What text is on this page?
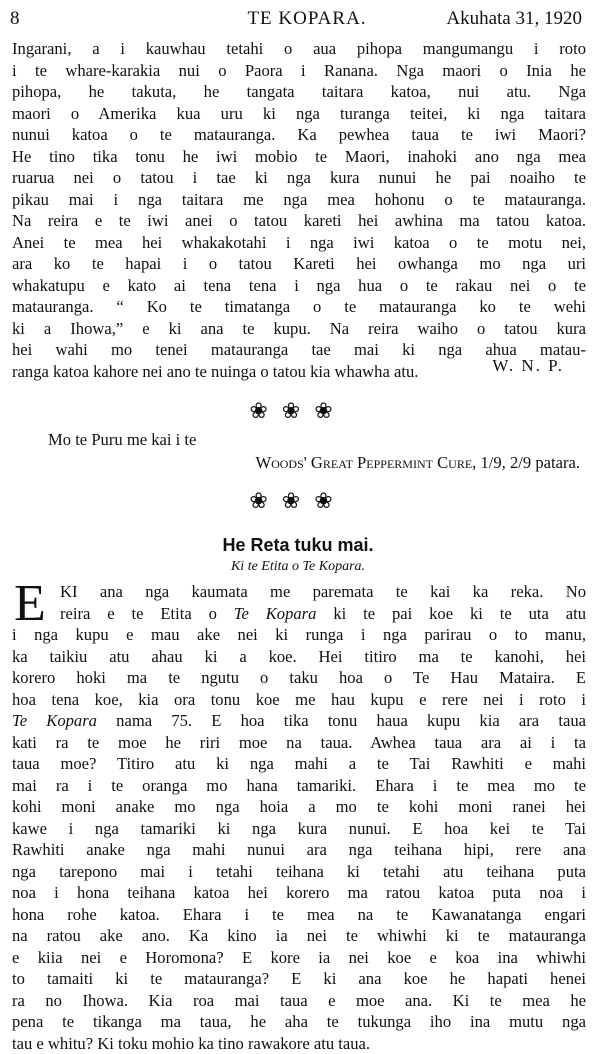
8	TE KOPARA.	Akuhata 31, 1920
Ingarani, a i kauwhau tetahi o aua pihopa mangumangu i roto
i te whare-karakia nui o Paora i Ranana. Nga maori o Inia he
pihopa, he takuta, he tangata taitara katoa, nui atu. Nga
maori o Amerika kua uru ki nga turanga teitei, ki nga taitara
nunui katoa o te matauranga. Ka pewhea taua te iwi Maori?
He tino tika tonu he iwi mobio te Maori, inahoki ano nga mea
ruarua nei o tatou i tae ki nga kura nunui he pai noaiho te
pikau mai i nga taitara me nga mea hohonu o te matauranga.
Na reira e te iwi anei o tatou kareti hei awhina ma tatou katoa.
Anei te mea hei whakakotahi i nga iwi katoa o te motu nei,
ara ko te hapai i o tatou Kareti hei owhanga mo nga uri
whakatupu e kato ai tena tena i nga hua o te rakau nei o te
matauranga. “ Ko te timatanga o te matauranga ko te wehi
ki a Ihowa,” e ki ana te kupu. Na reira waiho o tatou kura
hei wahi mo tenei matauranga tae mai ki nga ahua matau-
ranga katoa kahore nei ano te nuinga o tatou kia whawha atu.	W. N. P.
❀❀❀
Mo te Puru me kai i te
Woods' Great Peppermint Cure, 1/9, 2/9 patara.
❀❀❀
He Reta tuku mai.
Ki te Etita o Te Kopara.
E KI ana nga kaumata me paremata te kai ka reka. No
reira e te Etita o Te Kopara ki te pai koe ki te uta atu
i nga kupu e mau ake nei ki runga i nga parirau o to manu,
ka taikiu atu ahau ki a koe. Hei titiro ma te kanohi, hei
korero hoki ma te ngutu o taku hoa o Te Hau Mataira. E
hoa tena koe, kia ora tonu koe me hau kupu e rere nei i roto i
Te Kopara nama 75. E hoa tika tonu haua kupu kia ara taua
kati ra te moe he riri moe na taua. Awhea taua ara ai i ta
taua moe? Titiro atu ki nga mahi a te Tai Rawhiti e mahi
mai ra i te oranga mo hana tamariki. Ehara i te mea mo te
kohi moni anake mo nga hoia a mo te kohi moni ranei hei
kawe i nga tamariki ki nga kura nunui. E hoa kei te Tai
Rawhiti anake nga mahi nunui ara nga teihana hipi, rere ana
nga tarepono mai i tetahi teihana ki tetahi atu teihana puta
noa i hona teihana katoa hei korero ma ratou katoa puta noa i
hona rohe katoa. Ehara i te mea na te Kawanatanga engari
na ratou ake ano. Ka kino ia nei te whiwhi ki te matauranga
e kiia nei e Horomona? E kore ia nei koe e koa ina whiwhi
to tamaiti ki te matauranga? E ki ana koe he hapati henei
ra no Ihowa. Kia roa mai taua e moe ana. Ki te mea he
pena te tikanga ma taua, he aha te tukunga iho ina mutu nga
tau e whitu? Ki toku mohio ka tino rawakore atu taua.
